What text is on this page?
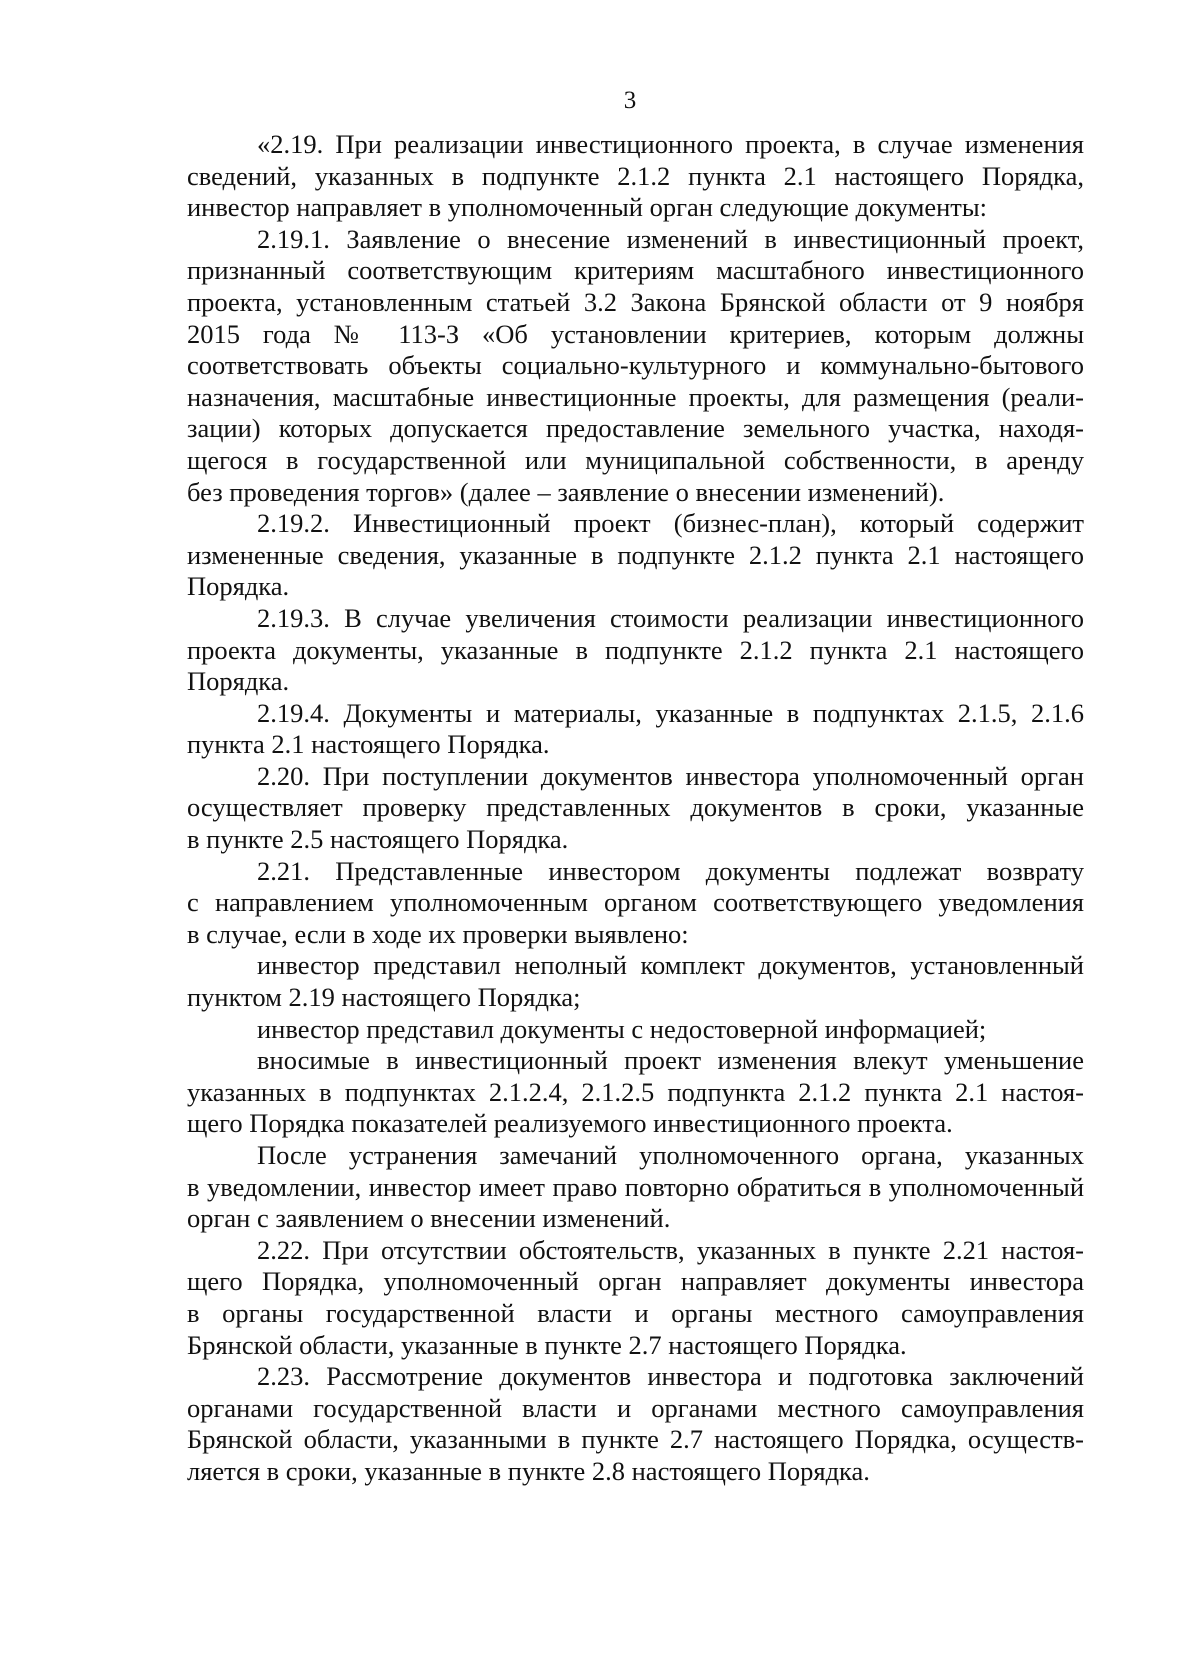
3
«2.19. При реализации инвестиционного проекта, в случае изменения
сведений, указанных в подпункте 2.1.2 пункта 2.1 настоящего Порядка,
инвестор направляет в уполномоченный орган следующие документы:
2.19.1. Заявление о внесение изменений в инвестиционный проект,
признанный соответствующим критериям масштабного инвестиционного
проекта, установленным статьей 3.2 Закона Брянской области от 9 ноября
2015 года № 113-З «Об установлении критериев, которым должны
соответствовать объекты социально-культурного и коммунально-бытового
назначения, масштабные инвестиционные проекты, для размещения (реали-
зации) которых допускается предоставление земельного участка, находя-
щегося в государственной или муниципальной собственности, в аренду
без проведения торгов» (далее – заявление о внесении изменений).
2.19.2. Инвестиционный проект (бизнес-план), который содержит
измененные сведения, указанные в подпункте 2.1.2 пункта 2.1 настоящего
Порядка.
2.19.3. В случае увеличения стоимости реализации инвестиционного
проекта документы, указанные в подпункте 2.1.2 пункта 2.1 настоящего
Порядка.
2.19.4. Документы и материалы, указанные в подпунктах 2.1.5, 2.1.6
пункта 2.1 настоящего Порядка.
2.20. При поступлении документов инвестора уполномоченный орган
осуществляет проверку представленных документов в сроки, указанные
в пункте 2.5 настоящего Порядка.
2.21. Представленные инвестором документы подлежат возврату
с направлением уполномоченным органом соответствующего уведомления
в случае, если в ходе их проверки выявлено:
инвестор представил неполный комплект документов, установленный
пунктом 2.19 настоящего Порядка;
инвестор представил документы с недостоверной информацией;
вносимые в инвестиционный проект изменения влекут уменьшение
указанных в подпунктах 2.1.2.4, 2.1.2.5 подпункта 2.1.2 пункта 2.1 настоя-
щего Порядка показателей реализуемого инвестиционного проекта.
После устранения замечаний уполномоченного органа, указанных
в уведомлении, инвестор имеет право повторно обратиться в уполномоченный
орган с заявлением о внесении изменений.
2.22. При отсутствии обстоятельств, указанных в пункте 2.21 настоя-
щего Порядка, уполномоченный орган направляет документы инвестора
в органы государственной власти и органы местного самоуправления
Брянской области, указанные в пункте 2.7 настоящего Порядка.
2.23. Рассмотрение документов инвестора и подготовка заключений
органами государственной власти и органами местного самоуправления
Брянской области, указанными в пункте 2.7 настоящего Порядка, осуществ-
ляется в сроки, указанные в пункте 2.8 настоящего Порядка.
